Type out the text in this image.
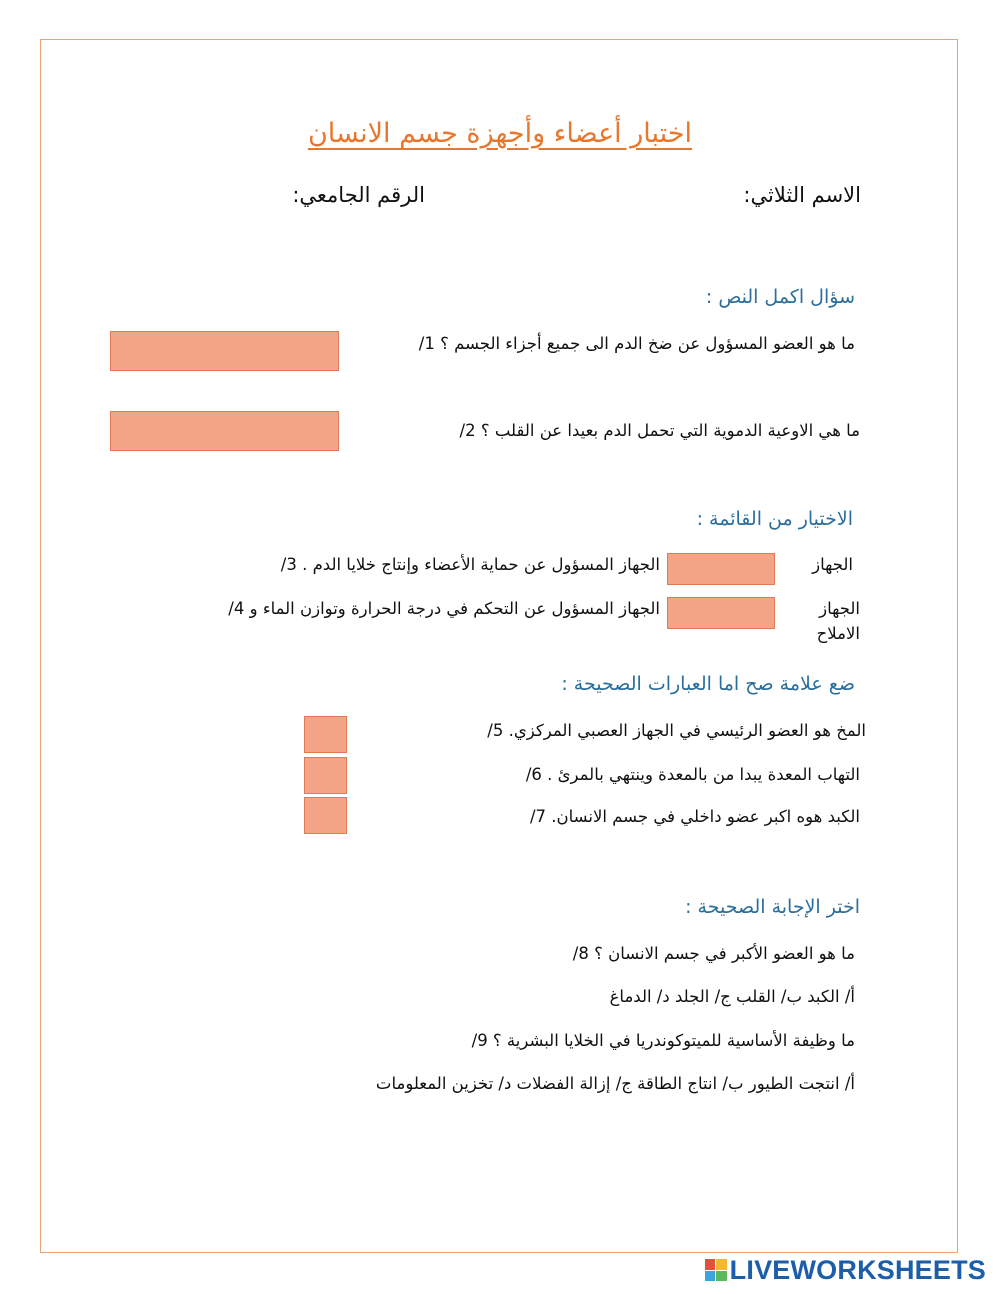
اختبار أعضاء وأجهزة جسم الانسان
الاسم الثلاثي:
الرقم الجامعي:
سؤال اكمل النص :
ما هو العضو المسؤول عن ضخ الدم الى جميع أجزاء الجسم ؟ 1/
ما هي الاوعية الدموية التي تحمل الدم بعيدا عن القلب ؟ 2/
الاختيار من القائمة :
الجهاز
الجهاز المسؤول عن حماية الأعضاء وإنتاج خلايا الدم . 3/
الجهاز
الجهاز المسؤول عن التحكم في درجة الحرارة وتوازن الماء و 4/
الاملاح
ضع علامة صح اما العبارات الصحيحة :
المخ هو العضو الرئيسي في الجهاز العصبي المركزي. 5/
التهاب المعدة يبدا من بالمعدة وينتهي بالمرئ . 6/
الكبد هوه اكبر عضو داخلي في جسم الانسان. 7/
اختر الإجابة الصحيحة :
ما هو العضو الأكبر في جسم الانسان ؟ 8/
أ/ الكبد ب/ القلب ج/ الجلد د/ الدماغ
ما وظيفة الأساسية للميتوكوندريا في الخلايا البشرية ؟ 9/
أ/ انتجت الطيور ب/ انتاج الطاقة ج/ إزالة الفضلات د/ تخزين المعلومات
LIVEWORKSHEETS
